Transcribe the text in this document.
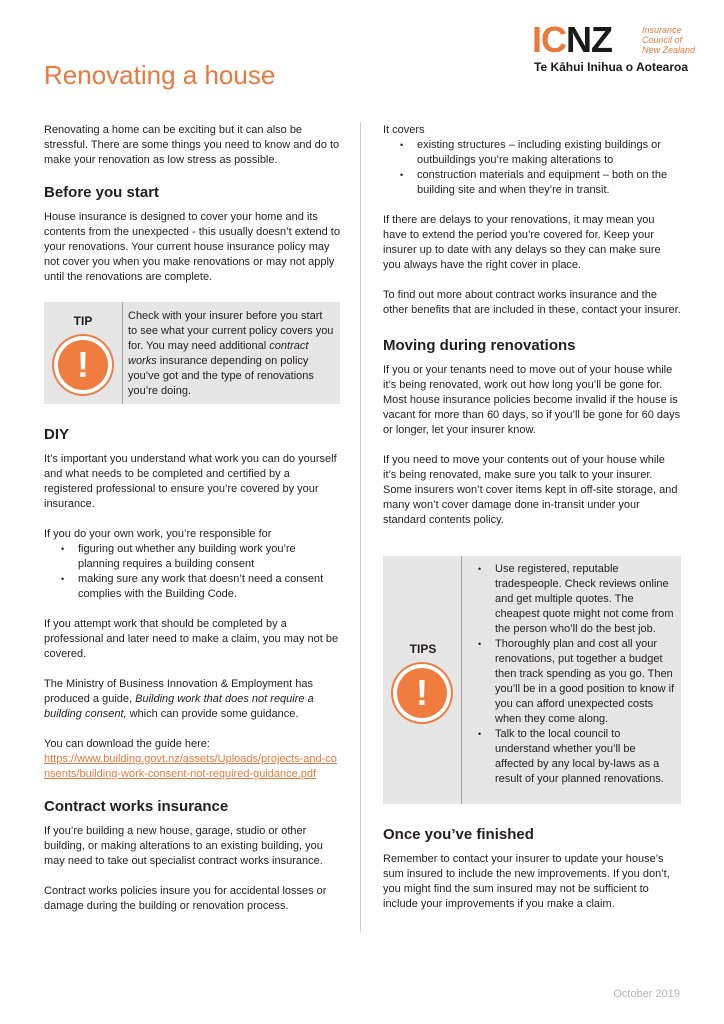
Renovating a house
ICNZ	Insurance
Council of
New Zealand
Te Kāhui Inihua o Aotearoa

Renovating a home can be exciting but it can also be stressful. There are some things you need to know and do to make your renovation as low stress as possible.

Before you start

House insurance is designed to cover your home and its contents from the unexpected - this usually doesn’t extend to your renovations. Your current house insurance policy may not cover you when you make renovations or may not apply until the renovations are complete.

TIP
!
Check with your insurer before you start to see what your current policy covers you for. You may need additional contract works insurance depending on policy you’ve got and the type of renovations you’re doing.
DIY

It’s important you understand what work you can do yourself and what needs to be completed and certified by a registered professional to ensure you’re covered by your insurance.

If you do your own work, you’re responsible for

• figuring out whether any building work you’re planning requires a building consent
• making sure any work that doesn’t need a consent complies with the Building Code.

If you attempt work that should be completed by a professional and later need to make a claim, you may not be covered.

The Ministry of Business Innovation & Employment has produced a guide, Building work that does not require a building consent, which can provide some guidance.

You can download the guide here:

https://www.building.govt.nz/assets/Uploads/projects-and-consents/building-work-consent-not-required-guidance.pdf

Contract works insurance

If you’re building a new house, garage, studio or other building, or making alterations to an existing building, you may need to take out specialist contract works insurance.

Contract works policies insure you for accidental losses or damage during the building or renovation process.

It covers

• existing structures – including existing buildings or outbuildings you’re making alterations to
• construction materials and equipment – both on the building site and when they’re in transit.

If there are delays to your renovations, it may mean you have to extend the period you’re covered for. Keep your insurer up to date with any delays so they can make sure you always have the right cover in place.

To find out more about contract works insurance and the other benefits that are included in these, contact your insurer.

Moving during renovations

If you or your tenants need to move out of your house while it’s being renovated, work out how long you’ll be gone for. Most house insurance policies become invalid if the house is vacant for more than 60 days, so if you’ll be gone for 60 days or longer, let your insurer know.

If you need to move your contents out of your house while it’s being renovated, make sure you talk to your insurer. Some insurers won’t cover items kept in off-site storage, and many won’t cover damage done in-transit under your standard contents policy.

TIPS
!
• Use registered, reputable tradespeople. Check reviews online and get multiple quotes. The cheapest quote might not come from the person who’ll do the best job.
• Thoroughly plan and cost all your renovations, put together a budget then track spending as you go. Then you’ll be in a good position to know if you can afford unexpected costs when they come along.
• Talk to the local council to understand whether you’ll be affected by any local by-laws as a result of your planned renovations.
Once you’ve finished

Remember to contact your insurer to update your house’s sum insured to include the new improvements. If you don’t, you might find the sum insured may not be sufficient to include your improvements if you make a claim.

October 2019
